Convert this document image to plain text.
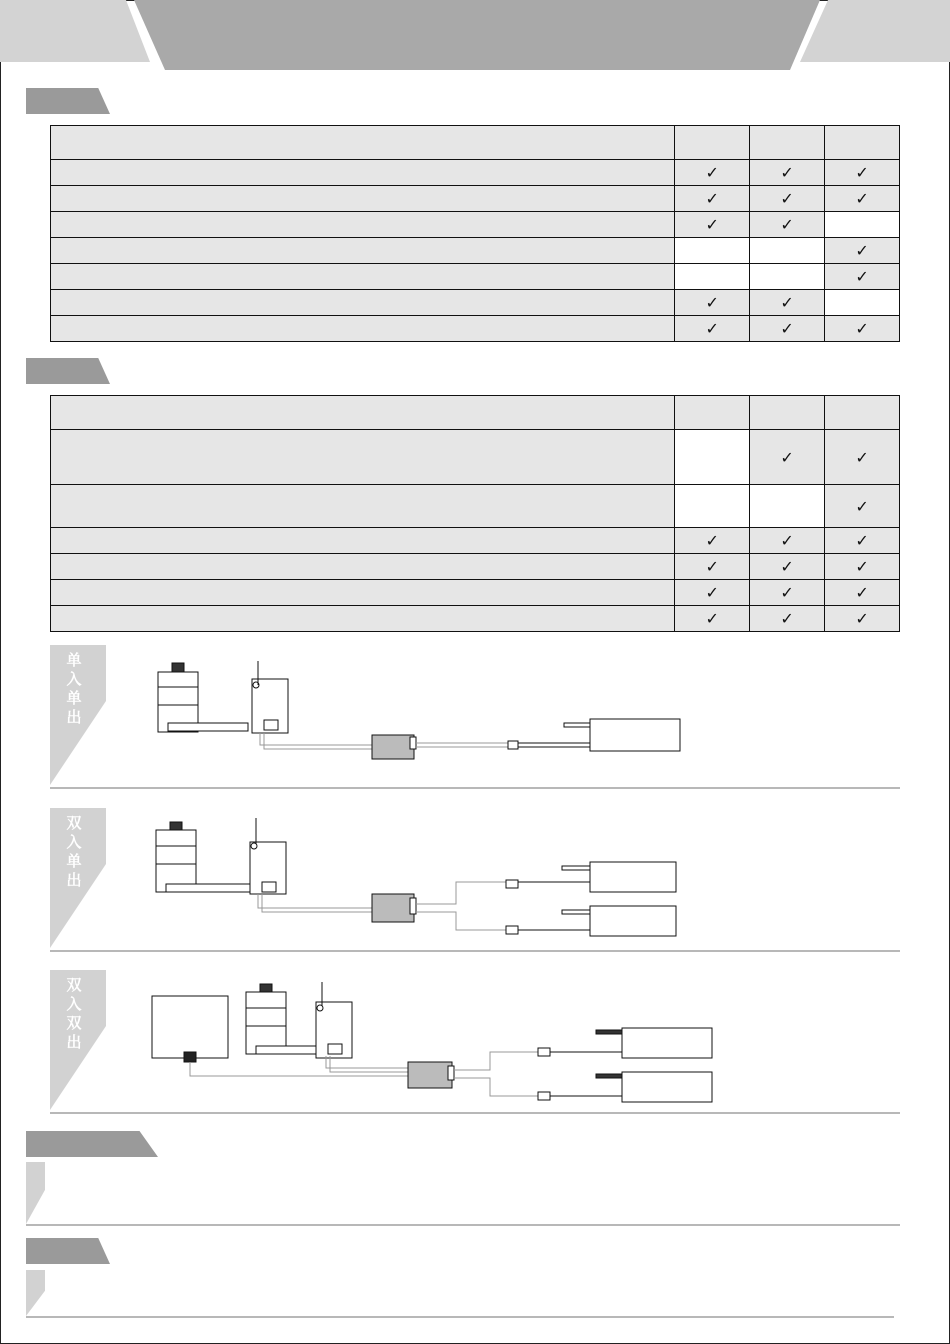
	✓	✓	✓
	✓	✓	✓
	✓	✓	
			✓
			✓
	✓	✓	
	✓	✓	✓

		✓	✓
			✓
	✓	✓	✓
	✓	✓	✓
	✓	✓	✓
	✓	✓	✓
单入单出
双入单出
双入双出
